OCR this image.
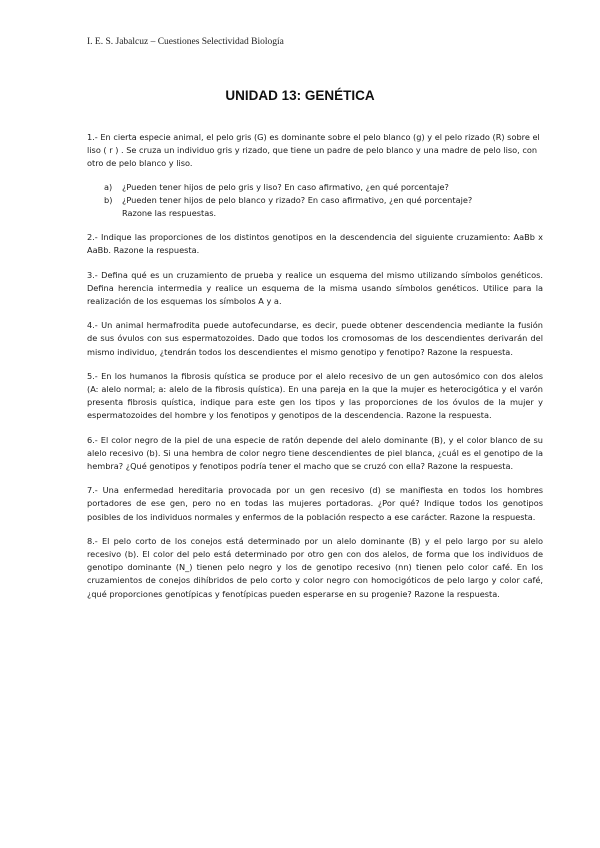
I. E. S. Jabalcuz – Cuestiones Selectividad Biología
UNIDAD 13: GENÉTICA
1.- En cierta especie animal, el pelo gris (G) es dominante sobre el pelo blanco (g) y el pelo rizado (R) sobre el liso ( r ) . Se cruza un individuo gris y rizado, que tiene un padre de pelo blanco y una madre de pelo liso, con otro de pelo blanco y liso.
a)	¿Pueden tener hijos de pelo gris y liso? En caso afirmativo, ¿en qué porcentaje?
b)	¿Pueden tener hijos de pelo blanco y rizado? En caso afirmativo, ¿en qué porcentaje?
Razone las respuestas.
2.- Indique las proporciones de los distintos genotipos en la descendencia del siguiente cruzamiento: AaBb x AaBb. Razone la respuesta.
3.- Defina qué es un cruzamiento de prueba y realice un esquema del mismo utilizando símbolos genéticos. Defina herencia intermedia y realice un esquema de la misma usando símbolos genéticos. Utilice para la realización de los esquemas los símbolos A y a.
4.- Un animal hermafrodita puede autofecundarse, es decir, puede obtener descendencia mediante la fusión de sus óvulos con sus espermatozoides. Dado que todos los cromosomas de los descendientes derivarán del mismo individuo, ¿tendrán todos los descendientes el mismo genotipo y fenotipo? Razone la respuesta.
5.- En los humanos la fibrosis quística se produce por el alelo recesivo de un gen autosómico con dos alelos (A: alelo normal; a: alelo de la fibrosis quística). En una pareja en la que la mujer es heterocigótica y el varón presenta fibrosis quística, indique para este gen los tipos y las proporciones de los óvulos de la mujer y espermatozoides del hombre y los fenotipos y genotipos de la descendencia. Razone la respuesta.
6.- El color negro de la piel de una especie de ratón depende del alelo dominante (B), y el color blanco de su alelo recesivo (b). Si una hembra de color negro tiene descendientes de piel blanca, ¿cuál es el genotipo de la hembra? ¿Qué genotipos y fenotipos podría tener el macho que se cruzó con ella? Razone la respuesta.
7.- Una enfermedad hereditaria provocada por un gen recesivo (d) se manifiesta en todos los hombres portadores de ese gen, pero no en todas las mujeres portadoras. ¿Por qué? Indique todos los genotipos posibles de los individuos normales y enfermos de la población respecto a ese carácter. Razone la respuesta.
8.- El pelo corto de los conejos está determinado por un alelo dominante (B) y el pelo largo por su alelo recesivo (b). El color del pelo está determinado por otro gen con dos alelos, de forma que los individuos de genotipo dominante (N_) tienen pelo negro y los de genotipo recesivo (nn) tienen pelo color café. En los cruzamientos de conejos dihíbridos de pelo corto y color negro con homocigóticos de pelo largo y color café, ¿qué proporciones genotípicas y fenotípicas pueden esperarse en su progenie? Razone la respuesta.
